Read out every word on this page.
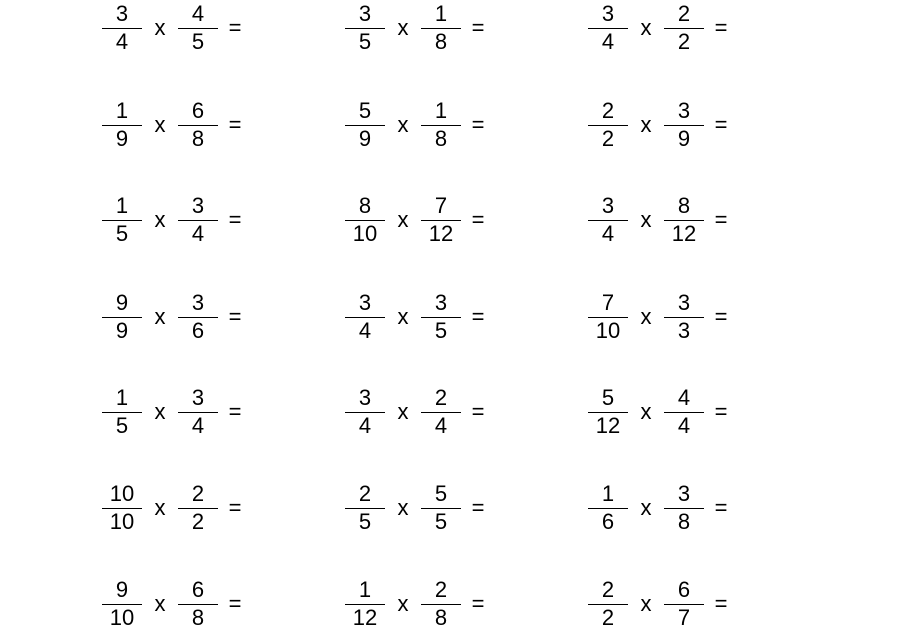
3
4
x
4
5
=
3
5
x
1
8
=
3
4
x
2
2
=
1
9
x
6
8
=
5
9
x
1
8
=
2
2
x
3
9
=
1
5
x
3
4
=
8
10
x
7
12
=
3
4
x
8
12
=
9
9
x
3
6
=
3
4
x
3
5
=
7
10
x
3
3
=
1
5
x
3
4
=
3
4
x
2
4
=
5
12
x
4
4
=
10
10
x
2
2
=
2
5
x
5
5
=
1
6
x
3
8
=
9
10
x
6
8
=
1
12
x
2
8
=
2
2
x
6
7
=
